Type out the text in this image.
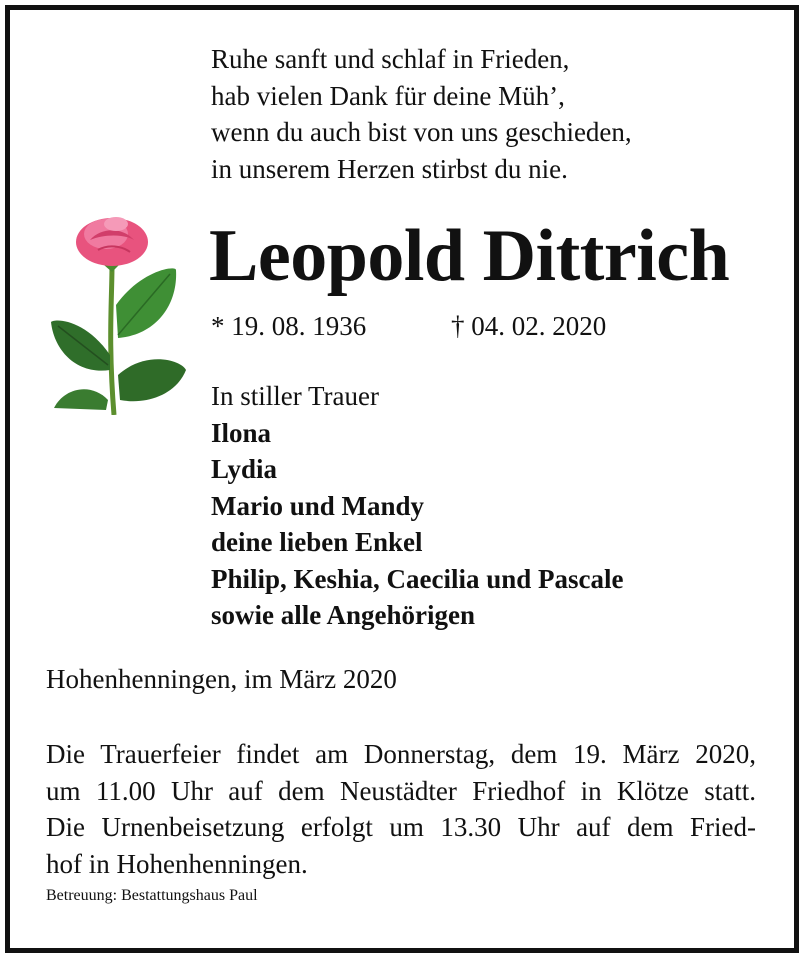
Ruhe sanft und schlaf in Frieden,
hab vielen Dank für deine Müh’,
wenn du auch bist von uns geschieden,
in unserem Herzen stirbst du nie.
Leopold Dittrich
* 19. 08. 1936	† 04. 02. 2020
In stiller Trauer
Ilona
Lydia
Mario und Mandy
deine lieben Enkel
Philip, Keshia, Caecilia und Pascale
sowie alle Angehörigen
Hohenhenningen, im März 2020
Die Trauerfeier findet am Donnerstag, dem 19. März 2020,
um 11.00 Uhr auf dem Neustädter Friedhof in Klötze statt.
Die Urnenbeisetzung erfolgt um 13.30 Uhr auf dem Fried-
hof in Hohenhenningen.
Betreuung: Bestattungshaus Paul
